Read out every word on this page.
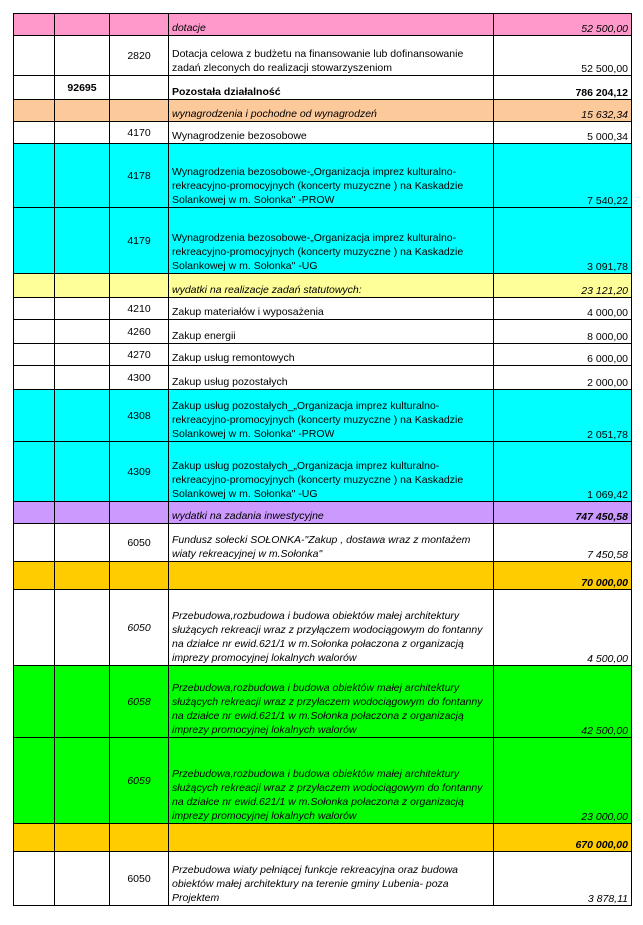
			dotacje	52 500,00
		2820	Dotacja celowa z budżetu na finansowanie lub dofinansowanie zadań zleconych do realizacji stowarzyszeniom	52 500,00
	92695		Pozostała działalność	786 204,12
			wynagrodzenia i pochodne od wynagrodzeń	15 632,34
		4170	Wynagrodzenie bezosobowe	5 000,34
		4178	Wynagrodzenia bezosobowe-„Organizacja imprez kulturalno-rekreacyjno-promocyjnych (koncerty muzyczne ) na Kaskadzie Solankowej w m. Sołonka" -PROW	7 540,22
		4179	Wynagrodzenia bezosobowe-„Organizacja imprez kulturalno-rekreacyjno-promocyjnych (koncerty muzyczne ) na Kaskadzie Solankowej w m. Sołonka" -UG	3 091,78
			wydatki na realizacje zadań statutowych:	23 121,20
		4210	Zakup materiałów i wyposażenia	4 000,00
		4260	Zakup energii	8 000,00
		4270	Zakup usług remontowych	6 000,00
		4300	Zakup usług pozostałych	2 000,00
		4308	Zakup usług pozostałych_„Organizacja imprez kulturalno-rekreacyjno-promocyjnych (koncerty muzyczne ) na Kaskadzie Solankowej w m. Sołonka" -PROW	2 051,78
		4309	Zakup usług pozostałych_„Organizacja imprez kulturalno-rekreacyjno-promocyjnych (koncerty muzyczne ) na Kaskadzie Solankowej w m. Sołonka" -UG	1 069,42
			wydatki na zadania inwestycyjne	747 450,58
		6050	Fundusz sołecki SOŁONKA-"Zakup , dostawa wraz z montażem wiaty rekreacyjnej w m.Sołonka"	7 450,58
				70 000,00
		6050	Przebudowa,rozbudowa i budowa obiektów małej architektury służących rekreacji wraz z przyłączem wodociągowym do fontanny na działce nr ewid.621/1 w m.Sołonka połaczona z organizacją imprezy promocyjnej lokalnych walorów	4 500,00
		6058	Przebudowa,rozbudowa i budowa obiektów małej architektury służących rekreacji wraz z przyłaczem wodociągowym do fontanny na działce nr ewid.621/1 w m.Sołonka połaczona z organizacją imprezy promocyjnej lokalnych walorów	42 500,00
		6059	Przebudowa,rozbudowa i budowa obiektów małej architektury służących rekreacji wraz z przyłaczem wodociągowym do fontanny na działce nr ewid.621/1 w m.Sołonka połaczona z organizacją imprezy promocyjnej lokalnych walorów	23 000,00
				670 000,00
		6050	Przebudowa wiaty pełniącej funkcje rekreacyjna oraz budowa obiektów małej architektury na terenie gminy Lubenia- poza Projektem	3 878,11
